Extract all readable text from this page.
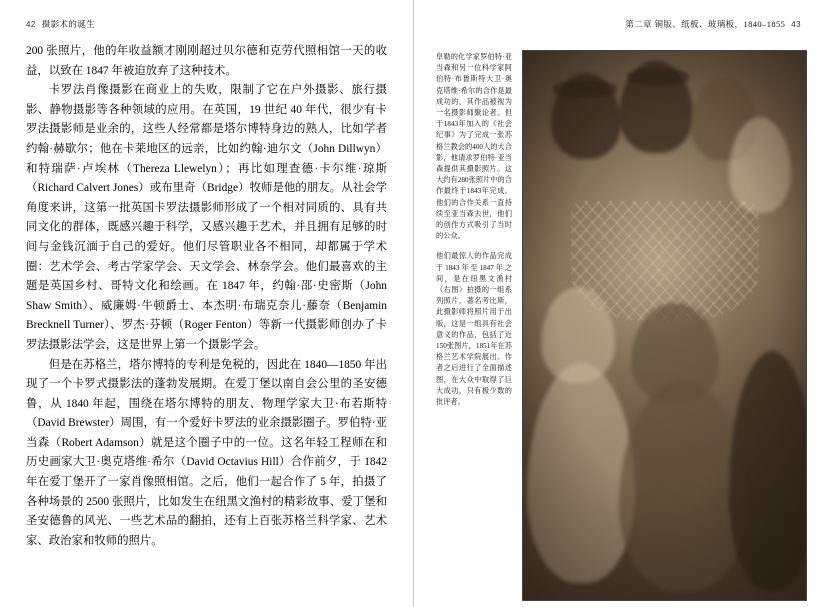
42 摄影术的诞生

200 张照片，他的年收益额才刚刚超过贝尔德和克劳代照相馆一天的收益，以致在 1847 年被迫放弃了这种技术。

卡罗法肖像摄影在商业上的失败，限制了它在户外摄影、旅行摄影、静物摄影等各种领域的应用。在英国，19 世纪 40 年代，很少有卡罗法摄影师是业余的，这些人经常都是塔尔博特身边的熟人，比如学者约翰·赫歇尔；他在卡莱地区的远亲，比如约翰·迪尔文（John Dillwyn）和特瑞萨·卢埃林（Thereza Llewelyn）；再比如理查德·卡尔维·琼斯（Richard Calvert Jones）或布里奇（Bridge）牧师是他的朋友。从社会学角度来讲，这第一批英国卡罗法摄影师形成了一个相对同质的、具有共同文化的群体，既感兴趣于科学，又感兴趣于艺术，并且拥有足够的时间与金钱沉湎于自己的爱好。他们尽管职业各不相同，却都属于学术圈：艺术学会、考古学家学会、天文学会、林奈学会。他们最喜欢的主题是英国乡村、哥特文化和绘画。在 1847 年，约翰·邵·史密斯（John Shaw Smith）、威廉姆·牛顿爵士、本杰明·布瑞克奈儿·藤奈（Benjamin Brecknell Turner）、罗杰·芬顿（Roger Fenton）等新一代摄影师创办了卡罗法摄影法学会，这是世界上第一个摄影学会。

但是在苏格兰，塔尔博特的专利是免税的，因此在 1840—1850 年出现了一个卡罗式摄影法的蓬勃发展期。在爱丁堡以南自会公里的圣安德鲁，从 1840 年起，围绕在塔尔博特的朋友、物理学家大卫·布若斯特（David Brewster）周围，有一个爱好卡罗法的业余摄影圈子。罗伯特·亚当森（Robert Adamson）就是这个圈子中的一位。这名年轻工程师在和历史画家大卫·奥克塔维·希尔（David Octavius Hill）合作前夕，于 1842 年在爱丁堡开了一家肖像照相馆。之后，他们一起合作了 5 年，拍摄了各种场景的 2500 张照片，比如发生在纽黑文渔村的精彩故事、爱丁堡和圣安德鲁的风光、一些艺术品的翻拍，还有上百张苏格兰科学家、艺术家、政治家和牧师的照片。

第二章 铜版、纸板、玻璃板，1840–1855 43

阜勒的化学家罗伯特·亚当森和另一位科学家阿伯特·布鲁斯特大卫·奥克塔维·希尔的合作是最成功的，其作品被视为一名摄影师聚论者。但于1843年加入的《社会纪事》为了完成一张苏格兰教会的400人的大合影，他请求罗伯特·亚当森提供其摄影照片。这大约有280张照片中的合作最终于1843年完成。他们的合作关系一直持续至亚当森去世，他们的创作方式吸引了当时的公众。

他们最惊人的作品完成于1843年至1847年之间，是在纽黑文渔村（右图）拍摄的一组系列照片，著名考比斯，此摄影师将照片用于出版，这是一组具有社会意义的作品，包括了近150张图片，1851年在苏格兰艺术学院展出。作者之后进行了全面描述图，在大众中取得了巨大成功，只有极少数的批评者。
